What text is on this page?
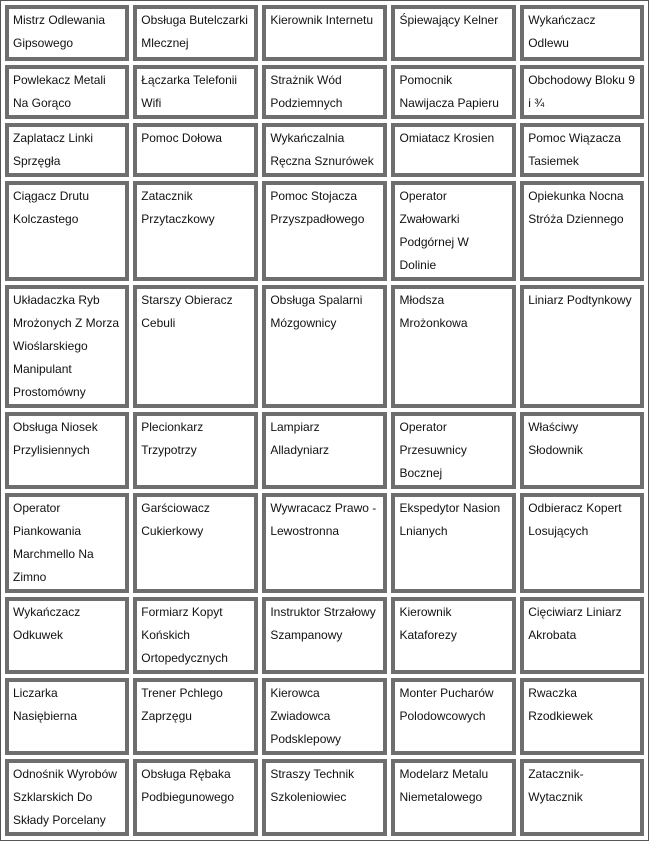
Mistrz Odlewania Gipsowego	Obsługa Butelczarki Mlecznej	Kierownik Internetu	Śpiewający Kelner	Wykańczacz Odlewu
Powlekacz Metali Na Gorąco	Łączarka Telefonii Wifi	Strażnik Wód Podziemnych	Pomocnik Nawijacza Papieru	Obchodowy Bloku 9 i ¾
Zaplatacz Linki Sprzęgła	Pomoc Dołowa	Wykańczalnia Ręczna Sznurówek	Omiatacz Krosien	Pomoc Wiązacza Tasiemek
Ciągacz Drutu Kolczastego	Zatacznik Przytaczkowy	Pomoc Stojacza Przyszpadłowego	Operator Zwałowarki Podgórnej W Dolinie	Opiekunka Nocna Stróża Dziennego
Układaczka Ryb Mrożonych Z Morza Wioślarskiego Manipulant Prostomówny	Starszy Obieracz Cebuli	Obsługa Spalarni Mózgownicy	Młodsza Mrożonkowa	Liniarz Podtynkowy
Obsługa Niosek Przylisiennych	Plecionkarz Trzypotrzy	Lampiarz Alladyniarz	Operator Przesuwnicy Bocznej	Właściwy Słodownik
Operator Piankowania Marchmello Na Zimno	Garściowacz Cukierkowy	Wywracacz Prawo - Lewostronna	Ekspedytor Nasion Lnianych	Odbieracz Kopert Losujących
Wykańczacz Odkuwek	Formiarz Kopyt Końskich Ortopedycznych	Instruktor Strzałowy Szampanowy	Kierownik Kataforezy	Cięciwiarz Liniarz Akrobata
Liczarka Nasiębierna	Trener Pchlego Zaprzęgu	Kierowca Zwiadowca Podsklepowy	Monter Pucharów Polodowcowych	Rwaczka Rzodkiewek
Odnośnik Wyrobów Szklarskich Do Składy Porcelany	Obsługa Rębaka Podbiegunowego	Straszy Technik Szkoleniowiec	Modelarz Metalu Niemetalowego	Zatacznik-Wytacznik
